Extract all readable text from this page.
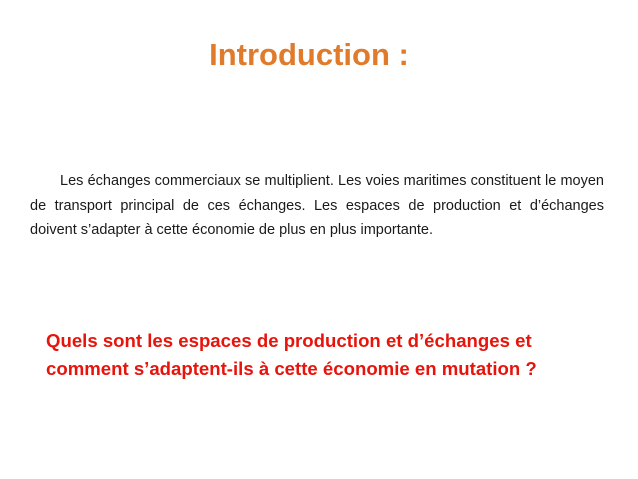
Introduction :

Les échanges commerciaux se multiplient. Les voies maritimes constituent le moyen de transport principal de ces échanges. Les espaces de production et d’échanges doivent s’adapter à cette économie de plus en plus importante.

Quels sont les espaces de production et d’échanges et
comment s’adaptent-ils à cette économie en mutation ?
